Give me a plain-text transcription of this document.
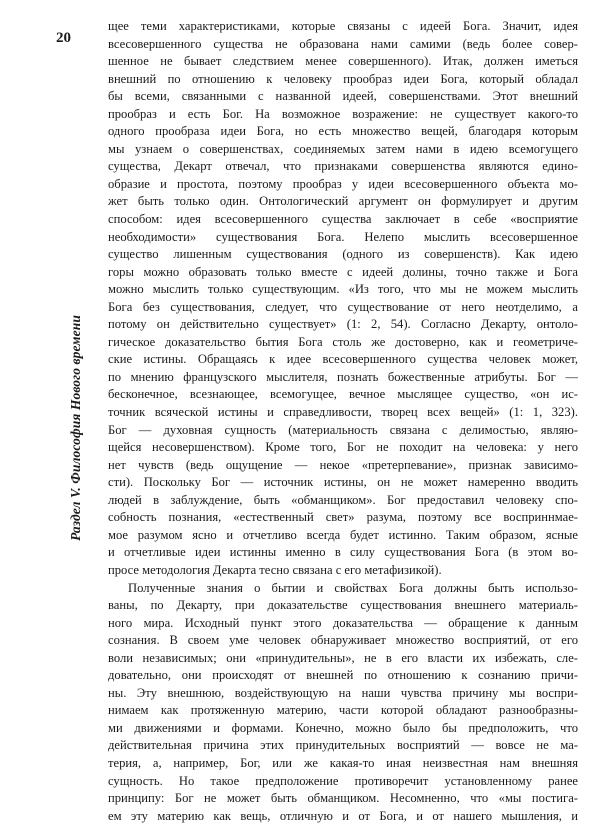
20
Раздел V. Философия Нового времени
щее теми характеристиками, которые связаны с идеей Бога. Значит, идея
всесовершенного существа не образована нами самими (ведь более совер-
шенное не бывает следствием менее совершенного). Итак, должен иметься
внешний по отношению к человеку прообраз идеи Бога, который обладал
бы всеми, связанными с названной идеей, совершенствами. Этот внешний
прообраз и есть Бог. На возможное возражение: не существует какого-то
одного прообраза идеи Бога, но есть множество вещей, благодаря которым
мы узнаем о совершенствах, соединяемых затем нами в идею всемогущего
существа, Декарт отвечал, что признаками совершенства являются едино-
образие и простота, поэтому прообраз у идеи всесовершенного объекта мо-
жет быть только один. Онтологический аргумент он формулирует и другим
способом: идея всесовершенного существа заключает в себе «восприятие
необходимости» существования Бога. Нелепо мыслить всесовершенное
существо лишенным существования (одного из совершенств). Как идею
горы можно образовать только вместе с идеей долины, точно также и Бога
можно мыслить только существующим. «Из того, что мы не можем мыслить
Бога без существования, следует, что существование от него неотделимо, а
потому он действительно существует» (1: 2, 54). Согласно Декарту, онтоло-
гическое доказательство бытия Бога столь же достоверно, как и геометриче-
ские истины. Обращаясь к идее всесовершенного существа человек может,
по мнению французского мыслителя, познать божественные атрибуты. Бог —
бесконечное, всезнающее, всемогущее, вечное мыслящее существо, «он ис-
точник всяческой истины и справедливости, творец всех вещей» (1: 1, 323).
Бог — духовная сущность (материальность связана с делимостью, являю-
щейся несовершенством). Кроме того, Бог не походит на человека: у него
нет чувств (ведь ощущение — некое «претерпевание», признак зависимо-
сти). Поскольку Бог — источник истины, он не может намеренно вводить
людей в заблуждение, быть «обманщиком». Бог предоставил человеку спо-
собность познания, «естественный свет» разума, поэтому все восприннмае-
мое разумом ясно и отчетливо всегда будет истинно. Таким образом, ясные
и отчетливые идеи истинны именно в силу существования Бога (в этом во-
просе методология Декарта тесно связана с его метафизикой).
Полученные знания о бытии и свойствах Бога должны быть использо-
ваны, по Декарту, при доказательстве существования внешнего материаль-
ного мира. Исходный пункт этого доказательства — обращение к данным
сознания. В своем уме человек обнаруживает множество восприятий, от его
воли независимых; они «принудительны», не в его власти их избежать, сле-
довательно, они происходят от внешней по отношению к сознанию причи-
ны. Эту внешнюю, воздействующую на наши чувства причину мы воспри-
нимаем как протяженную материю, части которой обладают разнообразны-
ми движениями и формами. Конечно, можно было бы предположить, что
действительная причина этих принудительных восприятий — вовсе не ма-
терия, а, например, Бог, или же какая-то иная неизвестная нам внешняя
сущность. Но такое предположение противоречит установленному ранее
принципу: Бог не может быть обманщиком. Несомненно, что «мы постига-
ем эту материю как вещь, отличную и от Бога, и от нашего мышления, и
